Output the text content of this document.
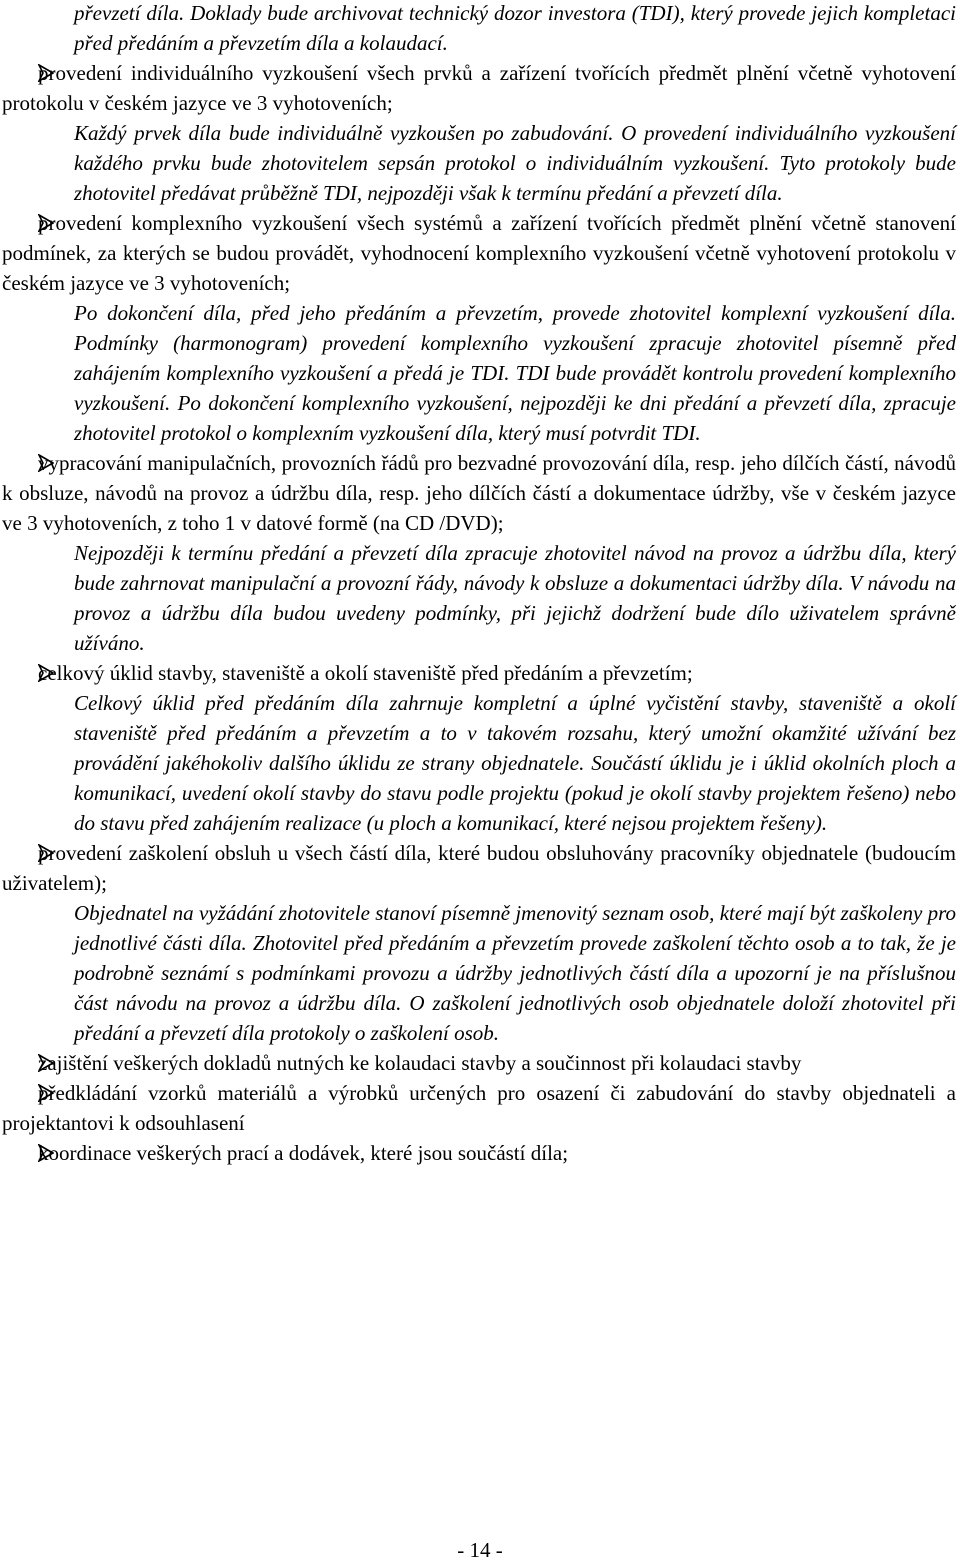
převzetí díla. Doklady bude archivovat technický dozor investora (TDI), který provede jejich kompletaci před předáním a převzetím díla a kolaudací.
provedení individuálního vyzkoušení všech prvků a zařízení tvořících předmět plnění včetně vyhotovení protokolu v českém jazyce ve 3 vyhotoveních;
Každý prvek díla bude individuálně vyzkoušen po zabudování. O provedení individuálního vyzkoušení každého prvku bude zhotovitelem sepsán protokol o individuálním vyzkoušení. Tyto protokoly bude zhotovitel předávat průběžně TDI, nejpozději však k termínu předání a převzetí díla.
provedení komplexního vyzkoušení všech systémů a zařízení tvořících předmět plnění včetně stanovení podmínek, za kterých se budou provádět, vyhodnocení komplexního vyzkoušení včetně vyhotovení protokolu v českém jazyce ve 3 vyhotoveních;
Po dokončení díla, před jeho předáním a převzetím, provede zhotovitel komplexní vyzkoušení díla. Podmínky (harmonogram) provedení komplexního vyzkoušení zpracuje zhotovitel písemně před zahájením komplexního vyzkoušení a předá je TDI. TDI bude provádět kontrolu provedení komplexního vyzkoušení. Po dokončení komplexního vyzkoušení, nejpozději ke dni předání a převzetí díla, zpracuje zhotovitel protokol o komplexním vyzkoušení díla, který musí potvrdit TDI.
vypracování manipulačních, provozních řádů pro bezvadné provozování díla, resp. jeho dílčích částí, návodů k obsluze, návodů na provoz a údržbu díla, resp. jeho dílčích částí a dokumentace údržby, vše v českém jazyce ve 3 vyhotoveních, z toho 1 v datové formě (na CD /DVD);
Nejpozději k termínu předání a převzetí díla zpracuje zhotovitel návod na provoz a údržbu díla, který bude zahrnovat manipulační a provozní řády, návody k obsluze a dokumentaci údržby díla. V návodu na provoz a údržbu díla budou uvedeny podmínky, při jejichž dodržení bude dílo uživatelem správně užíváno.
celkový úklid stavby, staveniště a okolí staveniště před předáním a převzetím;
Celkový úklid před předáním díla zahrnuje kompletní a úplné vyčistění stavby, staveniště a okolí staveniště před předáním a převzetím a to v takovém rozsahu, který umožní okamžité užívání bez provádění jakéhokoliv dalšího úklidu ze strany objednatele. Součástí úklidu je i úklid okolních ploch a komunikací, uvedení okolí stavby do stavu podle projektu (pokud je okolí stavby projektem řešeno) nebo do stavu před zahájením realizace (u ploch a komunikací, které nejsou projektem řešeny).
provedení zaškolení obsluh u všech částí díla, které budou obsluhovány pracovníky objednatele (budoucím uživatelem);
Objednatel na vyžádání zhotovitele stanoví písemně jmenovitý seznam osob, které mají být zaškoleny pro jednotlivé části díla. Zhotovitel před předáním a převzetím provede zaškolení těchto osob a to tak, že je podrobně seznámí s podmínkami provozu a údržby jednotlivých částí díla a upozorní je na příslušnou část návodu na provoz a údržbu díla. O zaškolení jednotlivých osob objednatele doloží zhotovitel při předání a převzetí díla protokoly o zaškolení osob.
zajištění veškerých dokladů nutných ke kolaudaci stavby a součinnost při kolaudaci stavby
předkládání vzorků materiálů a výrobků určených pro osazení či zabudování do stavby objednateli a projektantovi k odsouhlasení
koordinace veškerých prací a dodávek, které jsou součástí díla;
- 14 -
